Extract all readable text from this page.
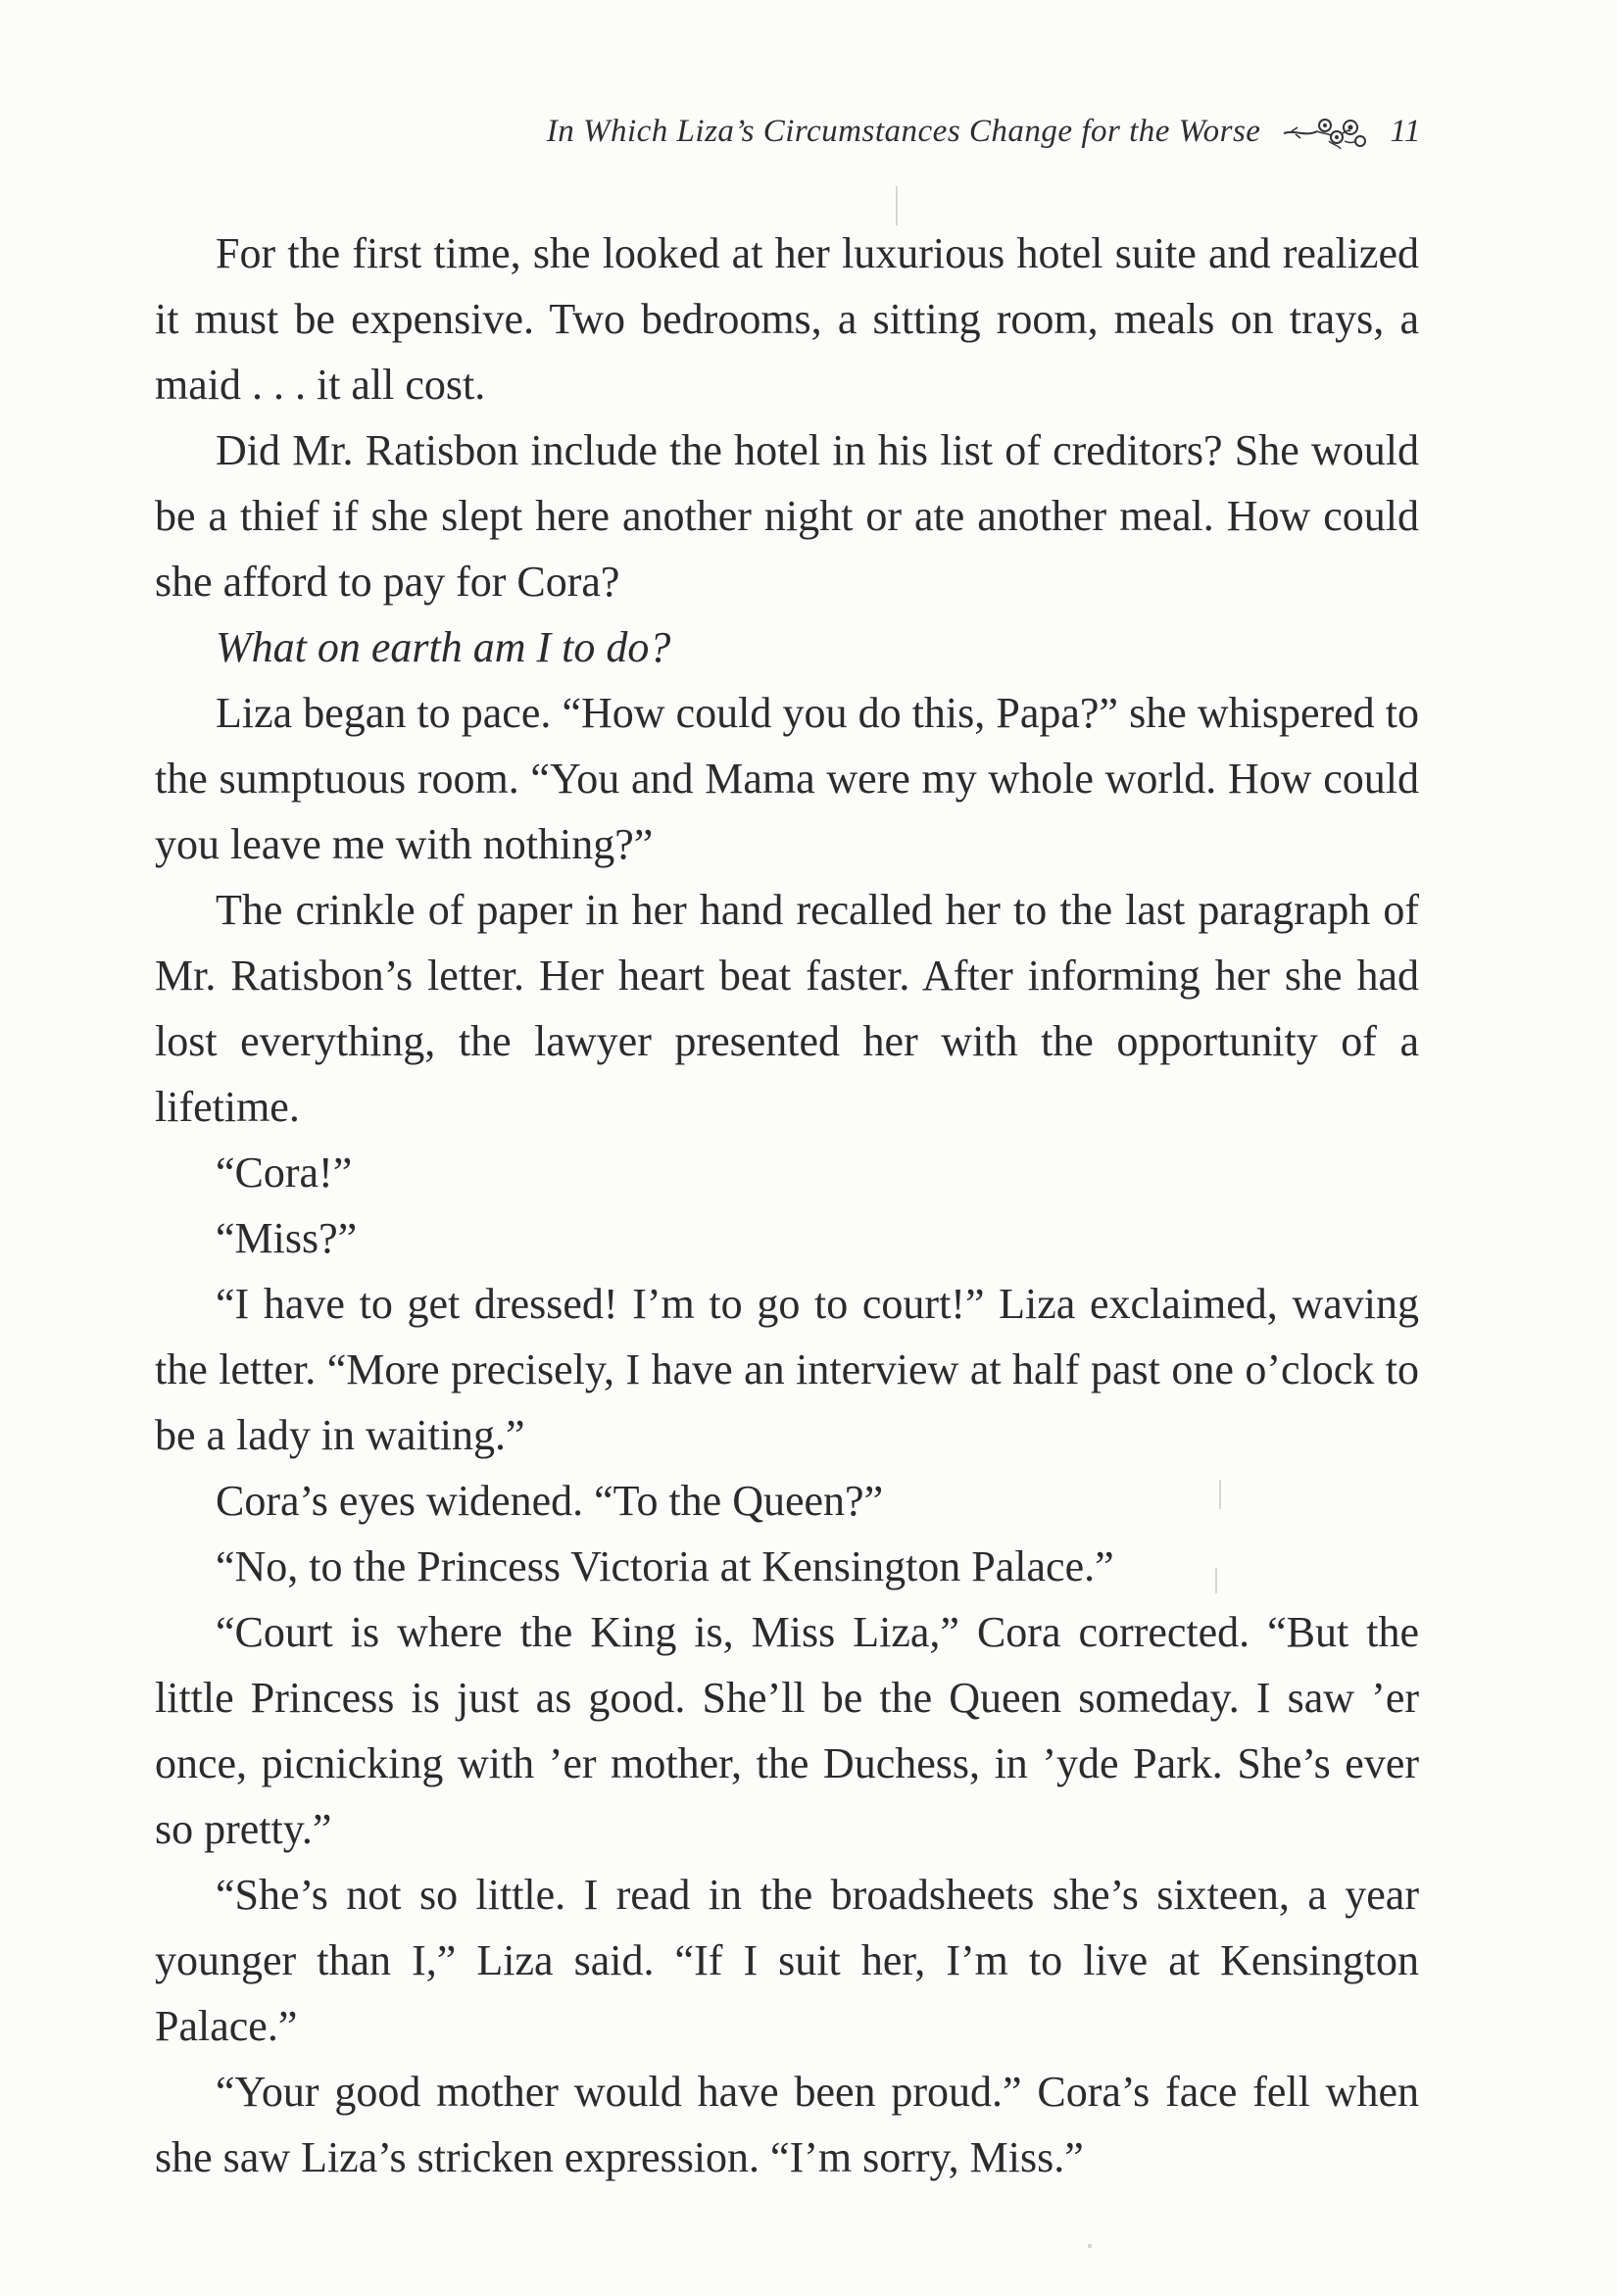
In Which Liza’s Circumstances Change for the Worse	11

For the first time, she looked at her luxurious hotel suite and realized it must be expensive. Two bedrooms, a sitting room, meals on trays, a maid . . . it all cost.

Did Mr. Ratisbon include the hotel in his list of creditors? She would be a thief if she slept here another night or ate another meal. How could she afford to pay for Cora?

What on earth am I to do?

Liza began to pace. “How could you do this, Papa?” she whispered to the sumptuous room. “You and Mama were my whole world. How could you leave me with nothing?”

The crinkle of paper in her hand recalled her to the last paragraph of Mr. Ratisbon’s letter. Her heart beat faster. After informing her she had lost everything, the lawyer presented her with the opportunity of a lifetime.

“Cora!”

“Miss?”

“I have to get dressed! I’m to go to court!” Liza exclaimed, waving the letter. “More precisely, I have an interview at half past one o’clock to be a lady in waiting.”

Cora’s eyes widened. “To the Queen?”

“No, to the Princess Victoria at Kensington Palace.”

“Court is where the King is, Miss Liza,” Cora corrected. “But the little Princess is just as good. She’ll be the Queen someday. I saw ’er once, picnicking with ’er mother, the Duchess, in ’yde Park. She’s ever so pretty.”

“She’s not so little. I read in the broadsheets she’s sixteen, a year younger than I,” Liza said. “If I suit her, I’m to live at Kensington Palace.”

“Your good mother would have been proud.” Cora’s face fell when she saw Liza’s stricken expression. “I’m sorry, Miss.”
